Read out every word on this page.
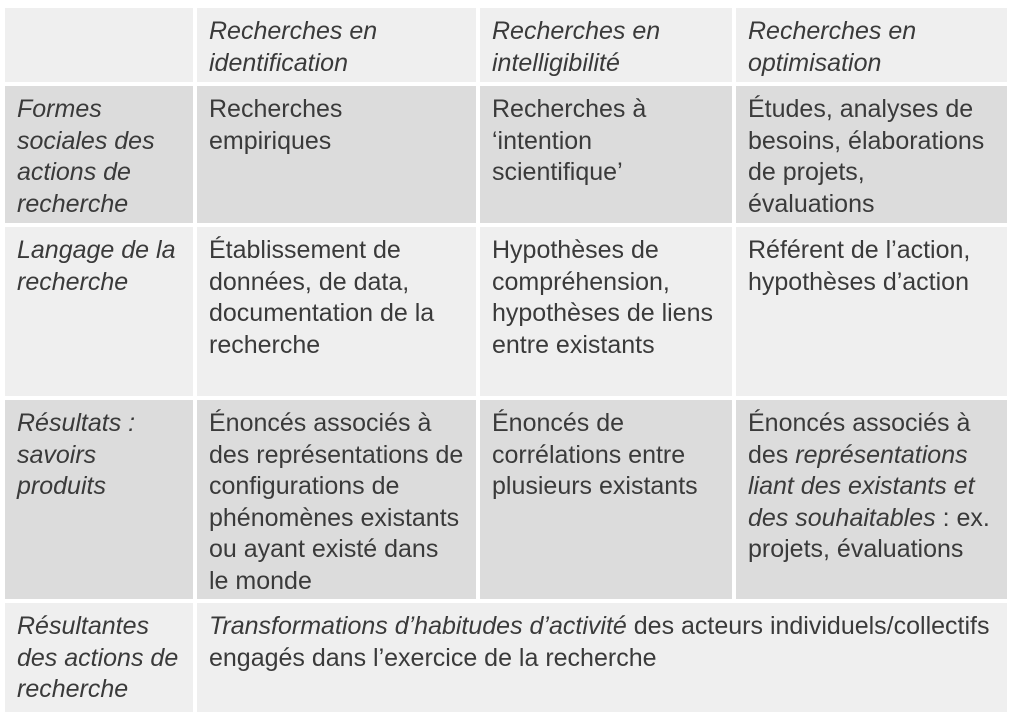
Recherches en identification
Recherches en intelligibilité
Recherches en optimisation
Formes sociales des actions de recherche
Recherches empiriques
Recherches à ‘intention scientifique’
Études, analyses de besoins, élaborations de projets, évaluations
Langage de la recherche
Établissement de données, de data, documentation de la recherche
Hypothèses de compréhension, hypothèses de liens entre existants
Référent de l’action, hypothèses d’action
Résultats : savoirs produits
Énoncés associés à des représentations de configurations de phénomènes existants ou ayant existé dans le monde
Énoncés de corrélations entre plusieurs existants
Énoncés associés à des représentations liant des existants et des souhaitables : ex. projets, évaluations
Résultantes des actions de recherche
Transformations d’habitudes d’activité des acteurs individuels/collectifs engagés dans l’exercice de la recherche
